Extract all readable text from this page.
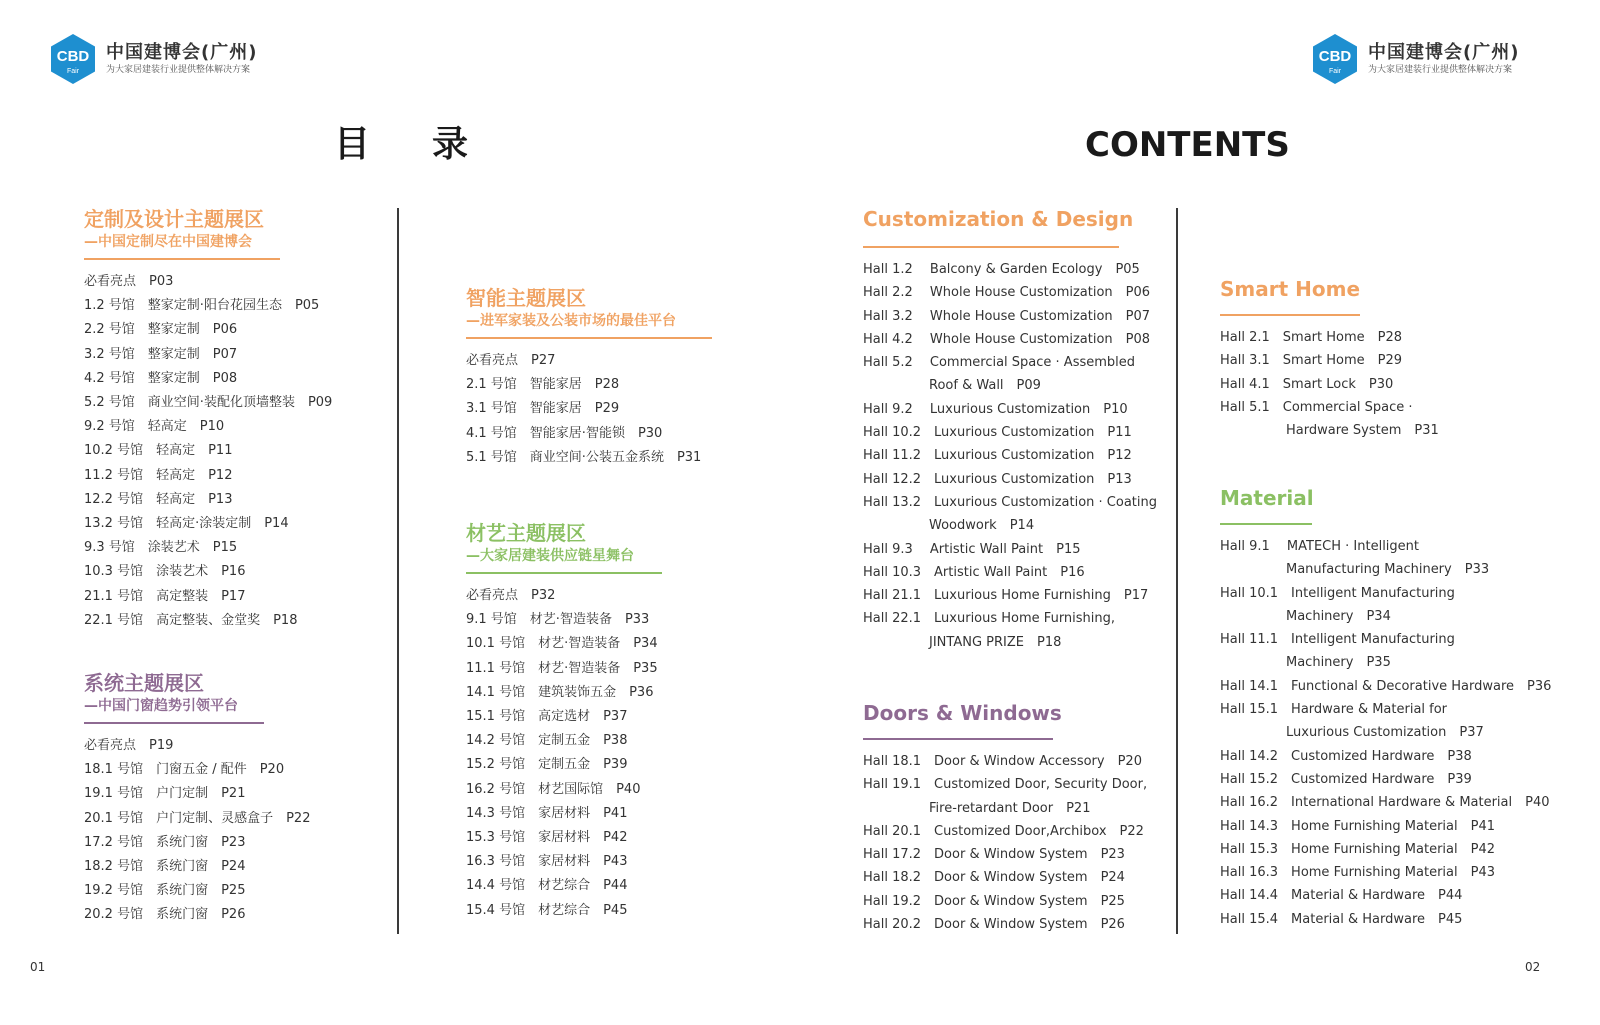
CBD
Fair
中国建博会(广州)
为大家居建装行业提供整体解决方案
CBD
Fair
中国建博会(广州)
为大家居建装行业提供整体解决方案
目录	CONTENTS
定制及设计主题展区
—中国定制尽在中国建博会
必看亮点　P03
1.2 号馆　整家定制·阳台花园生态　P05
2.2 号馆　整家定制　P06
3.2 号馆　整家定制　P07
4.2 号馆　整家定制　P08
5.2 号馆　商业空间·装配化顶墙整装　P09
9.2 号馆　轻高定　P10
10.2 号馆　轻高定　P11
11.2 号馆　轻高定　P12
12.2 号馆　轻高定　P13
13.2 号馆　轻高定·涂装定制　P14
9.3 号馆　涂装艺术　P15
10.3 号馆　涂装艺术　P16
21.1 号馆　高定整装　P17
22.1 号馆　高定整装、金堂奖　P18
系统主题展区
—中国门窗趋势引领平台
必看亮点　P19
18.1 号馆　门窗五金 / 配件　P20
19.1 号馆　户门定制　P21
20.1 号馆　户门定制、灵感盒子　P22
17.2 号馆　系统门窗　P23
18.2 号馆　系统门窗　P24
19.2 号馆　系统门窗　P25
20.2 号馆　系统门窗　P26
智能主题展区
—进军家装及公装市场的最佳平台
必看亮点　P27
2.1 号馆　智能家居　P28
3.1 号馆　智能家居　P29
4.1 号馆　智能家居·智能锁　P30
5.1 号馆　商业空间·公装五金系统　P31
材艺主题展区
—大家居建装供应链星舞台
必看亮点　P32
9.1 号馆　材艺·智造装备　P33
10.1 号馆　材艺·智造装备　P34
11.1 号馆　材艺·智造装备　P35
14.1 号馆　建筑装饰五金　P36
15.1 号馆　高定选材　P37
14.2 号馆　定制五金　P38
15.2 号馆　定制五金　P39
16.2 号馆　材艺国际馆　P40
14.3 号馆　家居材料　P41
15.3 号馆　家居材料　P42
16.3 号馆　家居材料　P43
14.4 号馆　材艺综合　P44
15.4 号馆　材艺综合　P45
Customization & Design
Hall 1.2　 Balcony & Garden Ecology　P05
Hall 2.2　 Whole House Customization　P06
Hall 3.2　 Whole House Customization　P07
Hall 4.2　 Whole House Customization　P08
Hall 5.2　 Commercial Space · Assembled
Roof & Wall　P09
Hall 9.2　 Luxurious Customization　P10
Hall 10.2　Luxurious Customization　P11
Hall 11.2　Luxurious Customization　P12
Hall 12.2　Luxurious Customization　P13
Hall 13.2　Luxurious Customization · Coating
Woodwork　P14
Hall 9.3　 Artistic Wall Paint　P15
Hall 10.3　Artistic Wall Paint　P16
Hall 21.1　Luxurious Home Furnishing　P17
Hall 22.1　Luxurious Home Furnishing,
JINTANG PRIZE　P18
Doors & Windows
Hall 18.1　Door & Window Accessory　P20
Hall 19.1　Customized Door, Security Door,
Fire-retardant Door　P21
Hall 20.1　Customized Door,Archibox　P22
Hall 17.2　Door & Window System　P23
Hall 18.2　Door & Window System　P24
Hall 19.2　Door & Window System　P25
Hall 20.2　Door & Window System　P26
Smart Home
Hall 2.1　Smart Home　P28
Hall 3.1　Smart Home　P29
Hall 4.1　Smart Lock　P30
Hall 5.1　Commercial Space ·
Hardware System　P31
Material
Hall 9.1　 MATECH · Intelligent
Manufacturing Machinery　P33
Hall 10.1　Intelligent Manufacturing
Machinery　P34
Hall 11.1　Intelligent Manufacturing
Machinery　P35
Hall 14.1　Functional & Decorative Hardware　P36
Hall 15.1　Hardware & Material for
Luxurious Customization　P37
Hall 14.2　Customized Hardware　P38
Hall 15.2　Customized Hardware　P39
Hall 16.2　International Hardware & Material　P40
Hall 14.3　Home Furnishing Material　P41
Hall 15.3　Home Furnishing Material　P42
Hall 16.3　Home Furnishing Material　P43
Hall 14.4　Material & Hardware　P44
Hall 15.4　Material & Hardware　P45
01	02
